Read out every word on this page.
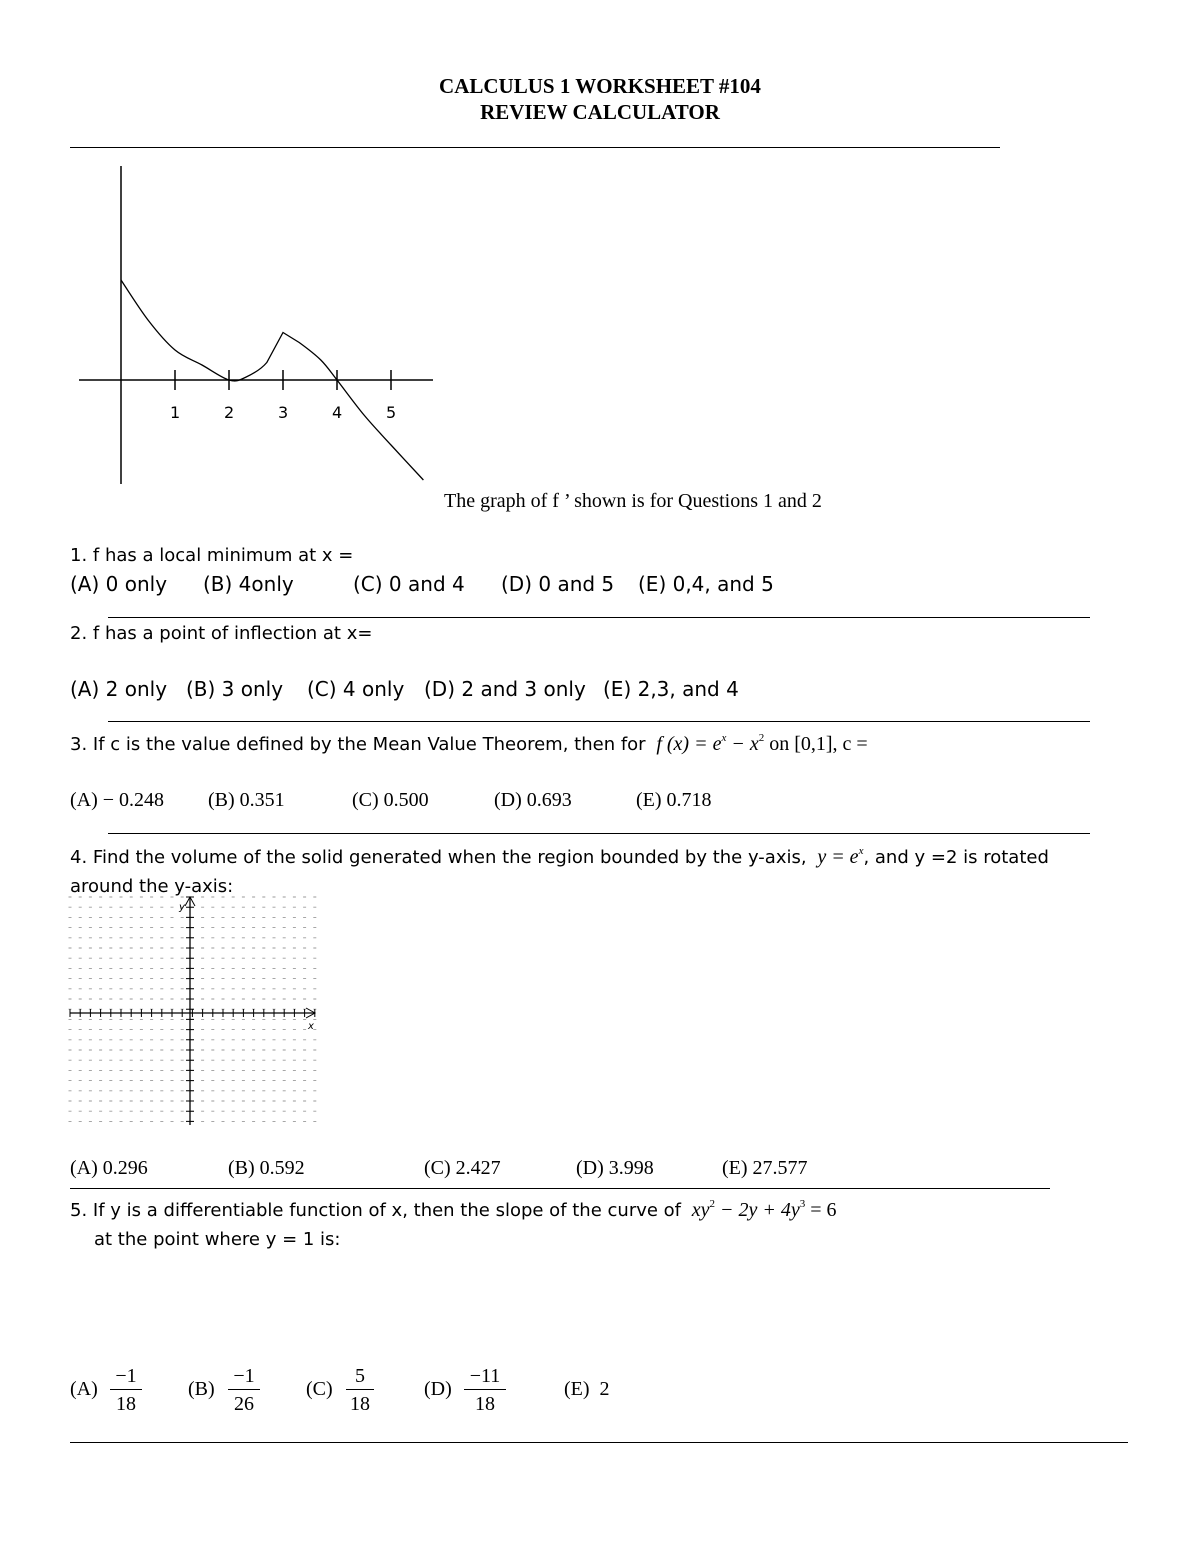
CALCULUS 1 WORKSHEET #104
REVIEW CALCULATOR
1	2	3	4	5
The graph of f ’ shown is for Questions 1 and 2
1. f has a local minimum at x =
(A) 0 only (B) 4only	(C) 0 and 4 (D) 0 and 5 (E) 0,4, and 5
2. f has a point of inflection at x=
(A) 2 only (B) 3 only (C) 4 only (D) 2 and 3 only (E) 2,3, and 4
3. If c is the value defined by the Mean Value Theorem, then for f $(x) = e^x - x^2$ on [0,1], c =
(A) − 0.248 (B) 0.351	(C) 0.500	(D) 0.693	(E) 0.718
4. Find the volume of the solid generated when the region bounded by the y-axis, $y = e^x$, and y =2 is rotated
around the y-axis:
y
x
(A) 0.296	(B) 0.592	(C) 2.427	(D) 3.998	(E) 27.577
5. If y is a differentiable function of x, then the slope of the curve of $xy^2 - 2y + 4y^3 = 6$
at the point where y = 1 is:
(A)
−1
18
(B)
−1
26
(C)
5
18
(D)
−11
18
(E) 2
